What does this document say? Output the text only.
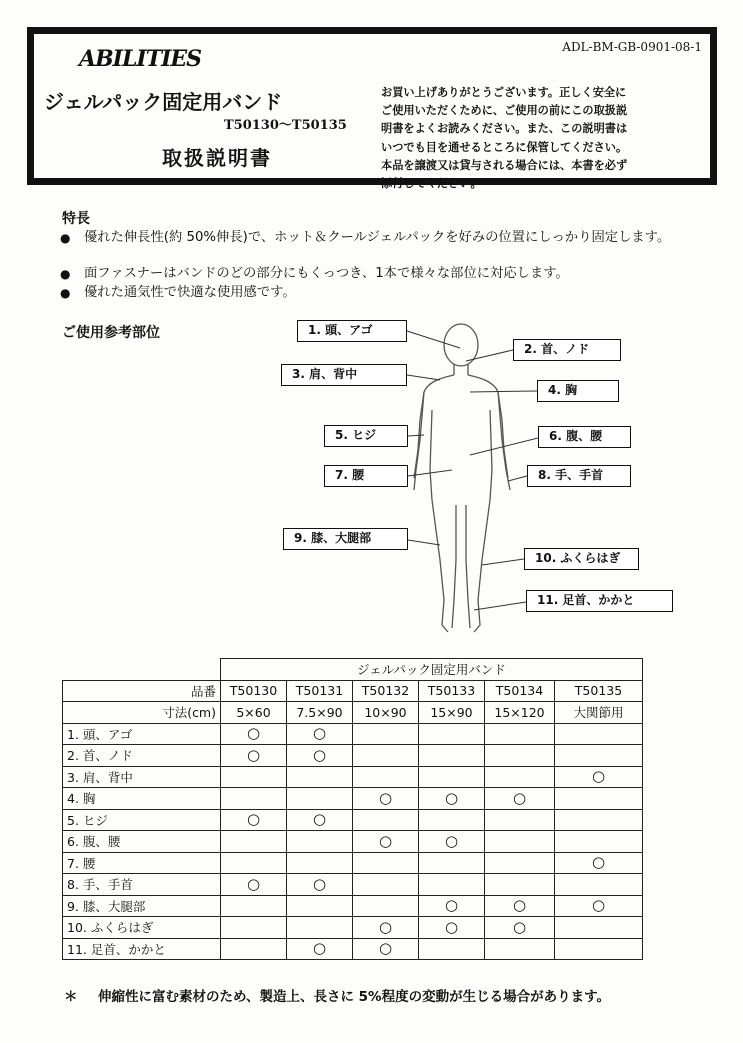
ADL-BM-GB-0901-08-1
ABILITIES
ジェルパック固定用バンド
T50130〜T50135
取扱説明書
お買い上げありがとうございます。正しく安全に
ご使用いただくために、ご使用の前にこの取扱説
明書をよくお読みください。また、この説明書は
いつでも目を通せるところに保管してください。
本品を譲渡又は貸与される場合には、本書を必ず
添付してください。
特長
● 優れた伸長性(約 50%伸長)で、ホット＆クールジェルパックを好みの位置にしっかり固定します。
● 面ファスナーはバンドのどの部分にもくっつき、1本で様々な部位に対応します。
● 優れた通気性で快適な使用感です。
ご使用参考部位	1. 頭、アゴ
2. 首、ノド
3. 肩、背中
4. 胸
5. ヒジ	6. 腹、腰
7. 腰	8. 手、手首
9. 膝、大腿部
10. ふくらはぎ
11. 足首、かかと
	ジェルパック固定用バンド					
品番	T50130	T50131	T50132	T50133	T50134	T50135
寸法(cm)	5×60	7.5×90	10×90	15×90	15×120	大関節用
1. 頭、アゴ	○	○				
2. 首、ノド	○	○				
3. 肩、背中						○
4. 胸			○	○	○	
5. ヒジ	○	○				
6. 腹、腰			○	○		
7. 腰						○
8. 手、手首	○	○				
9. 膝、大腿部				○	○	○
10. ふくらはぎ			○	○	○	
11. 足首、かかと		○	○			
＊ 伸縮性に富む素材のため、製造上、長さに 5%程度の変動が生じる場合があります。
